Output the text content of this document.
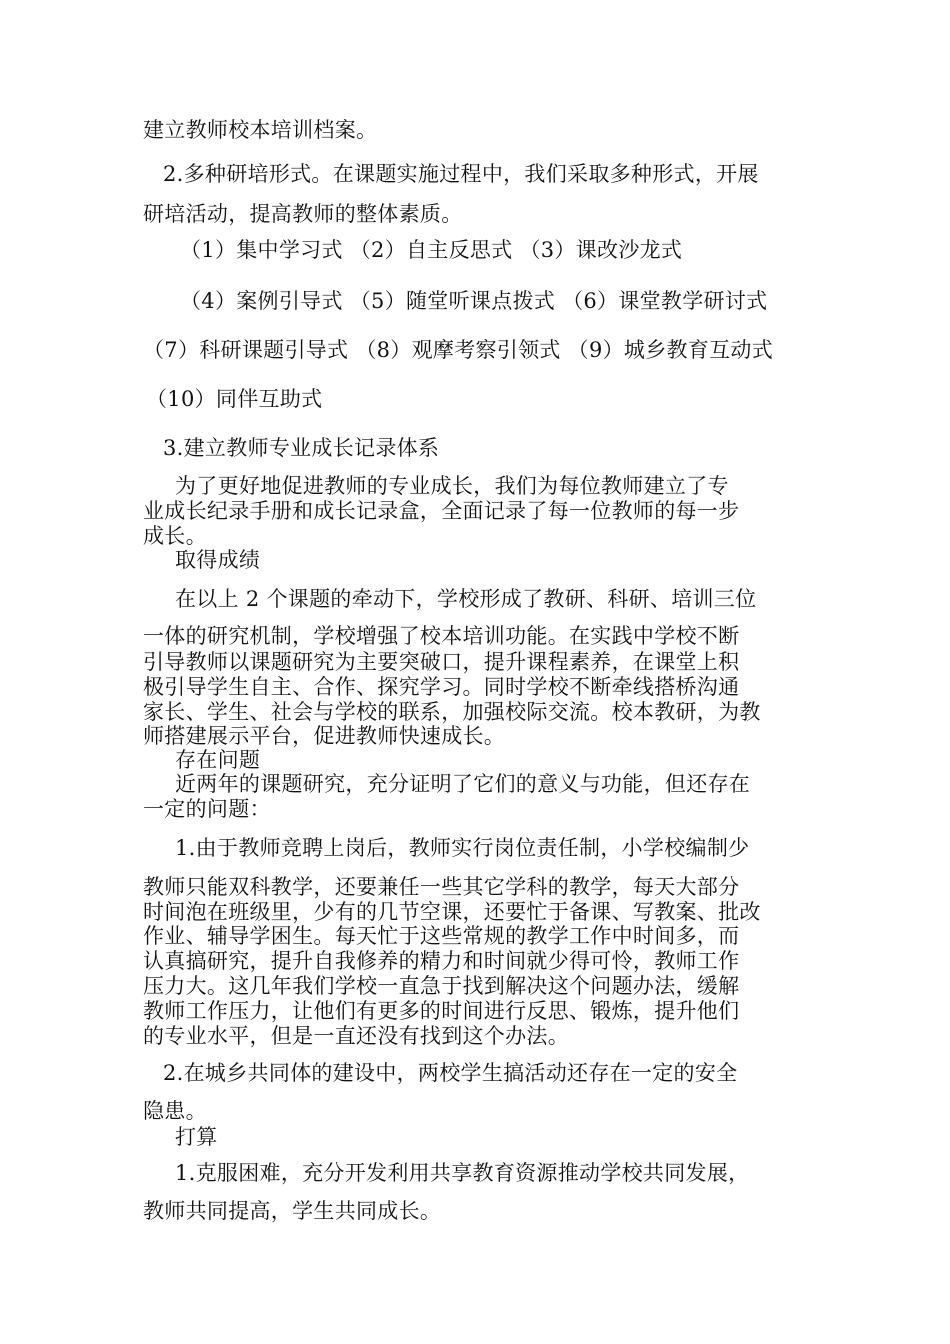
建立教师校本培训档案。
2.多种研培形式。在课题实施过程中，我们采取多种形式，开展
研培活动，提高教师的整体素质。
（1）集中学习式 （2）自主反思式 （3）课改沙龙式
（4）案例引导式 （5）随堂听课点拨式 （6）课堂教学研讨式
（7）科研课题引导式 （8）观摩考察引领式 （9）城乡教育互动式
（10）同伴互助式
3.建立教师专业成长记录体系
为了更好地促进教师的专业成长，我们为每位教师建立了专
业成长纪录手册和成长记录盒，全面记录了每一位教师的每一步
成长。
取得成绩
在以上 2 个课题的牵动下，学校形成了教研、科研、培训三位
一体的研究机制，学校增强了校本培训功能。在实践中学校不断
引导教师以课题研究为主要突破口，提升课程素养，在课堂上积
极引导学生自主、合作、探究学习。同时学校不断牵线搭桥沟通
家长、学生、社会与学校的联系，加强校际交流。校本教研，为教
师搭建展示平台，促进教师快速成长。
存在问题
近两年的课题研究，充分证明了它们的意义与功能，但还存在
一定的问题：
1.由于教师竞聘上岗后，教师实行岗位责任制，小学校编制少
教师只能双科教学，还要兼任一些其它学科的教学，每天大部分
时间泡在班级里，少有的几节空课，还要忙于备课、写教案、批改
作业、辅导学困生。每天忙于这些常规的教学工作中时间多，而
认真搞研究，提升自我修养的精力和时间就少得可怜，教师工作
压力大。这几年我们学校一直急于找到解决这个问题办法，缓解
教师工作压力，让他们有更多的时间进行反思、锻炼，提升他们
的专业水平，但是一直还没有找到这个办法。
2.在城乡共同体的建设中，两校学生搞活动还存在一定的安全
隐患。
打算
1.克服困难，充分开发利用共享教育资源推动学校共同发展，
教师共同提高，学生共同成长。
